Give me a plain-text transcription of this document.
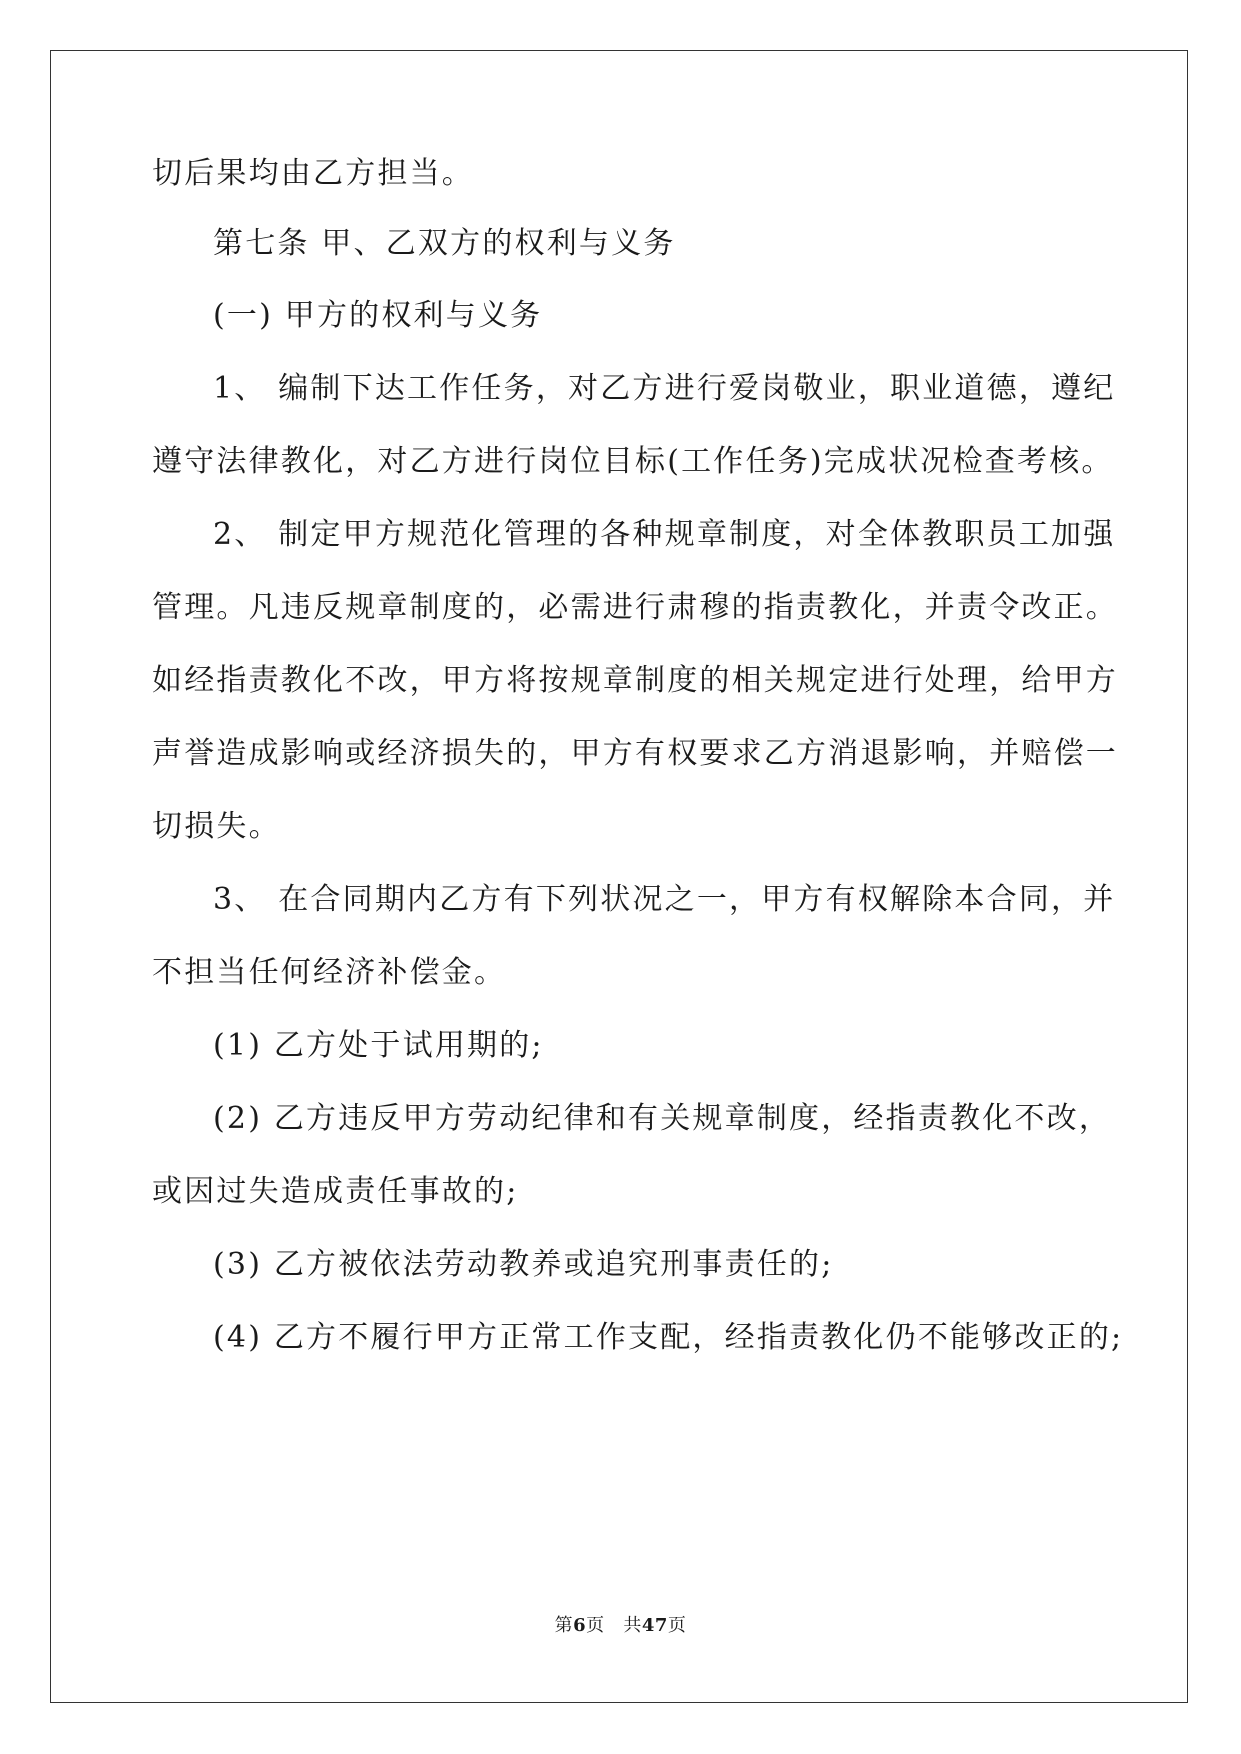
切后果均由乙方担当。
第七条 甲、乙双方的权利与义务
(一) 甲方的权利与义务
1、 编制下达工作任务，对乙方进行爱岗敬业，职业道德，遵纪
遵守法律教化，对乙方进行岗位目标(工作任务)完成状况检查考核。
2、 制定甲方规范化管理的各种规章制度，对全体教职员工加强
管理。凡违反规章制度的，必需进行肃穆的指责教化，并责令改正。
如经指责教化不改，甲方将按规章制度的相关规定进行处理，给甲方
声誉造成影响或经济损失的，甲方有权要求乙方消退影响，并赔偿一
切损失。
3、 在合同期内乙方有下列状况之一，甲方有权解除本合同，并
不担当任何经济补偿金。
(1) 乙方处于试用期的;
(2) 乙方违反甲方劳动纪律和有关规章制度，经指责教化不改，
或因过失造成责任事故的;
(3) 乙方被依法劳动教养或追究刑事责任的;
(4) 乙方不履行甲方正常工作支配，经指责教化仍不能够改正的;
第6页 共47页
